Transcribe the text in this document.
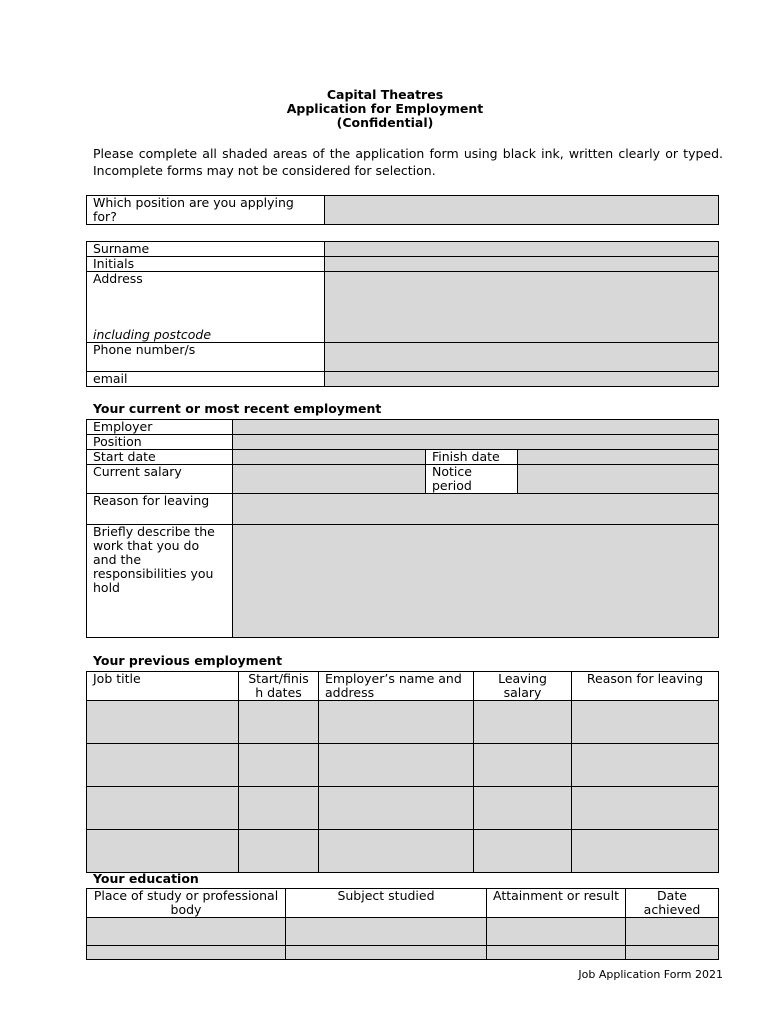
Capital Theatres
Application for Employment
(Confidential)
Please complete all shaded areas of the application form using black ink, written clearly or typed. Incomplete forms may not be considered for selection.
Which position are you applying for?	
Surname	
Initials	
Address
including postcode	

Phone number/s	
email	
Your current or most recent employment
Employer			
Position			
Start date		Finish date	
Current salary		Notice period	
Reason for leaving			
Briefly describe the work that you do and the responsibilities you hold			
Your previous employment
Job title	Start/finish dates	Employer’s name and address	Leaving salary	Reason for leaving

Your education
Place of study or professional body	Subject studied	Attainment or result	Date achieved

Job Application Form 2021
